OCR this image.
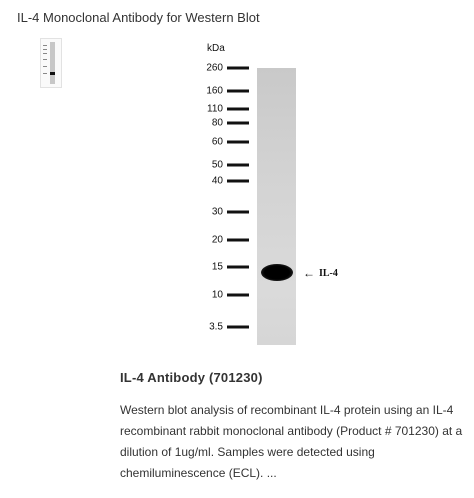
IL-4 Monoclonal Antibody for Western Blot
kDa
← IL-4
260
160
110
80
60
50
40
30
20
15
10
3.5
IL-4 Antibody (701230)
Western blot analysis of recombinant IL-4 protein using an IL-4 recombinant rabbit monoclonal antibody (Product # 701230) at a dilution of 1ug/ml. Samples were detected using chemiluminescence (ECL). ...
